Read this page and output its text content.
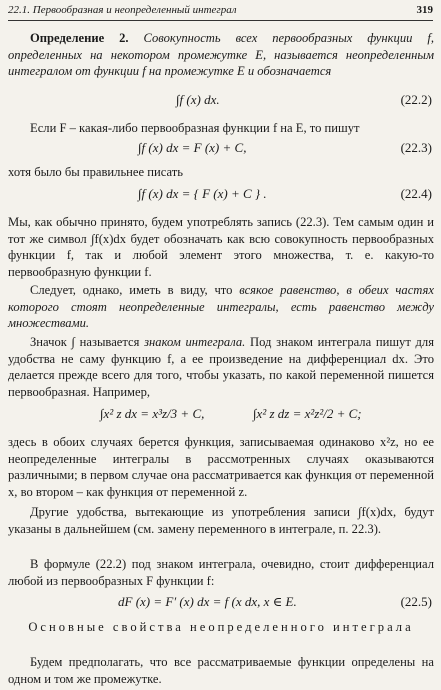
22.1. Первообразная и неопределенный интеграл	319

Определение 2. Совокупность всех первообразных функции f, определенных на некотором промежутке E, называется неопределенным интегралом от функции f на промежутке E и обозначается

∫f (x) dx.	(22.2)

Если F – какая-либо первообразная функции f на E, то пишут

∫f (x) dx = F (x) + C,	(22.3)

хотя было бы правильнее писать

∫f (x) dx = { F (x) + C } .	(22.4)

Мы, как обычно принято, будем употреблять запись (22.3). Тем самым один и тот же символ ∫f(x)dx будет обозначать как всю совокупность первообразных функции f, так и любой элемент этого множества, т. е. какую-то первообразную функции f.

Следует, однако, иметь в виду, что всякое равенство, в обеих частях которого стоят неопределенные интегралы, есть равенство между множествами.

Значок ∫ называется знаком интеграла. Под знаком интеграла пишут для удобства не саму функцию f, а ее произведение на дифференциал dx. Это делается прежде всего для того, чтобы указать, по какой переменной пишется первообразная. Например,

∫x² z dx = x³z/3 + C,	∫x² z dz = x²z²/2 + C;

здесь в обоих случаях берется функция, записываемая одинаково x²z, но ее неопределенные интегралы в рассмотренных случаях оказываются различными; в первом случае она рассматривается как функция от переменной x, во втором – как функция от переменной z.

Другие удобства, вытекающие из употребления записи ∫f(x)dx, будут указаны в дальнейшем (см. замену переменного в интеграле, п. 22.3).

В формуле (22.2) под знаком интеграла, очевидно, стоит дифференциал любой из первообразных F функции f:

dF (x) = F′ (x) dx = f (x dx, x ∈ E.	(22.5)
Основные свойства неопределенного интеграла

Будем предполагать, что все рассматриваемые функции определены на одном и том же промежутке.
